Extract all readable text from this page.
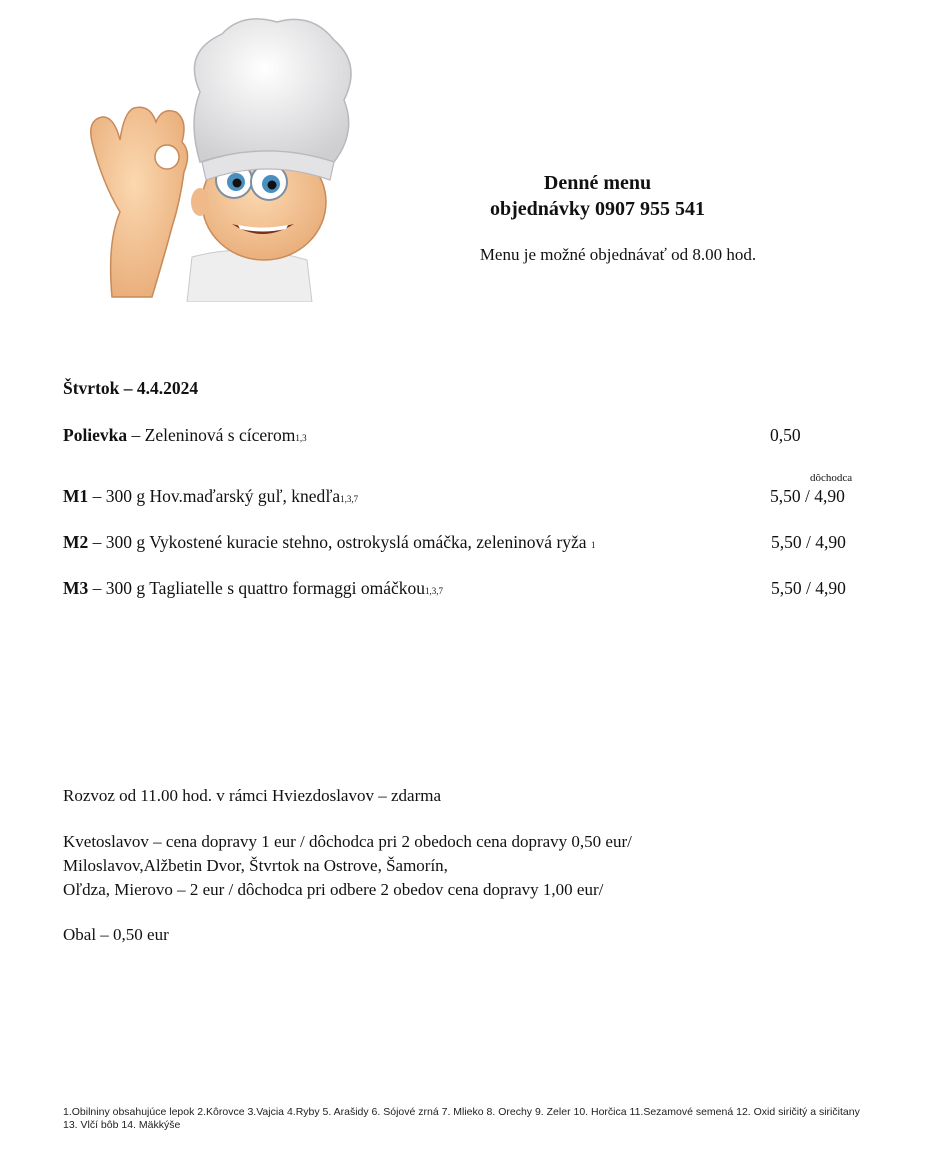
Denné menu
objednávky 0907 955 541
Menu je možné objednávať od 8.00 hod.
Štvrtok – 4.4.2024
Polievka – Zeleninová s cícerom1,3	0,50
dôchodca
M1 – 300 g Hov.maďarský guľ, knedľa1,3,7	5,50 / 4,90
M2 – 300 g Vykostené kuracie stehno, ostrokyslá omáčka, zeleninová ryža 1	5,50 / 4,90
M3 – 300 g Tagliatelle s quattro formaggi omáčkou1,3,7	5,50 / 4,90
Rozvoz od 11.00 hod. v rámci Hviezdoslavov – zdarma
Kvetoslavov – cena dopravy 1 eur / dôchodca pri 2 obedoch cena dopravy 0,50 eur/
Miloslavov,Alžbetin Dvor, Štvrtok na Ostrove, Šamorín,
Oľdza, Mierovo – 2 eur / dôchodca pri odbere 2 obedov cena dopravy 1,00 eur/
Obal – 0,50 eur
1.Obilniny obsahujúce lepok 2.Kôrovce 3.Vajcia 4.Ryby 5. Arašidy 6. Sójové zrná 7. Mlieko 8. Orechy 9. Zeler 10. Horčica 11.Sezamové semená 12. Oxid siričitý a siričitany 13. Vlčí bôb 14. Mäkkýše
